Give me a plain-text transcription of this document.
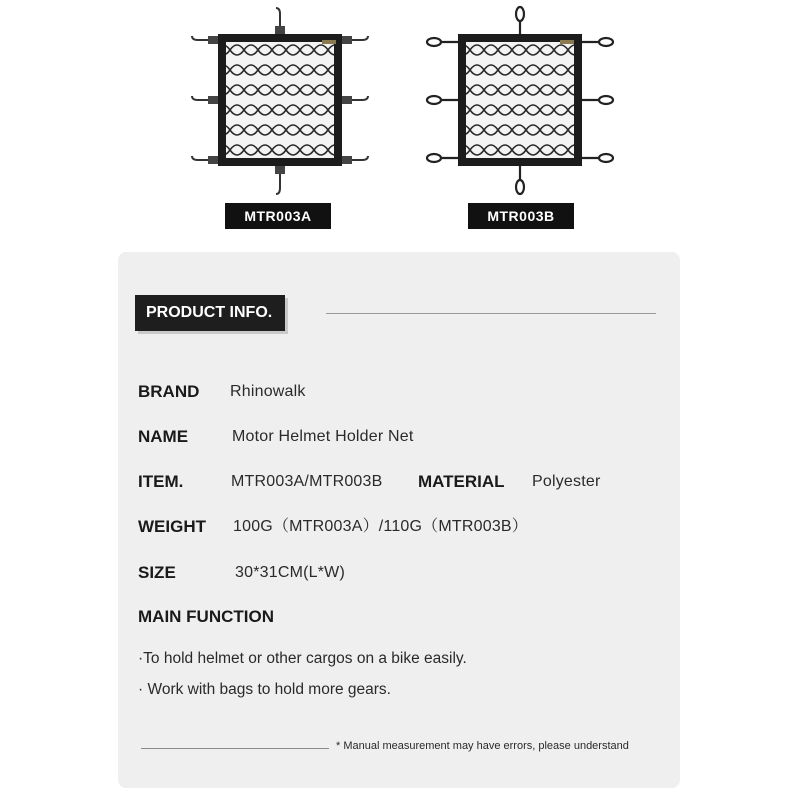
MTR003A	MTR003B
PRODUCT INFO.
BRAND Rhinowalk
NAME	Motor Helmet Holder Net
ITEM.	MTR003A/MTR003B MATERIAL Polyester
WEIGHT 100G（MTR003A）/110G（MTR003B）
SIZE	30*31CM(L*W)
MAIN FUNCTION
·To hold helmet or other cargos on a bike easily.
· Work with bags to hold more gears.
* Manual measurement may have errors, please understand
